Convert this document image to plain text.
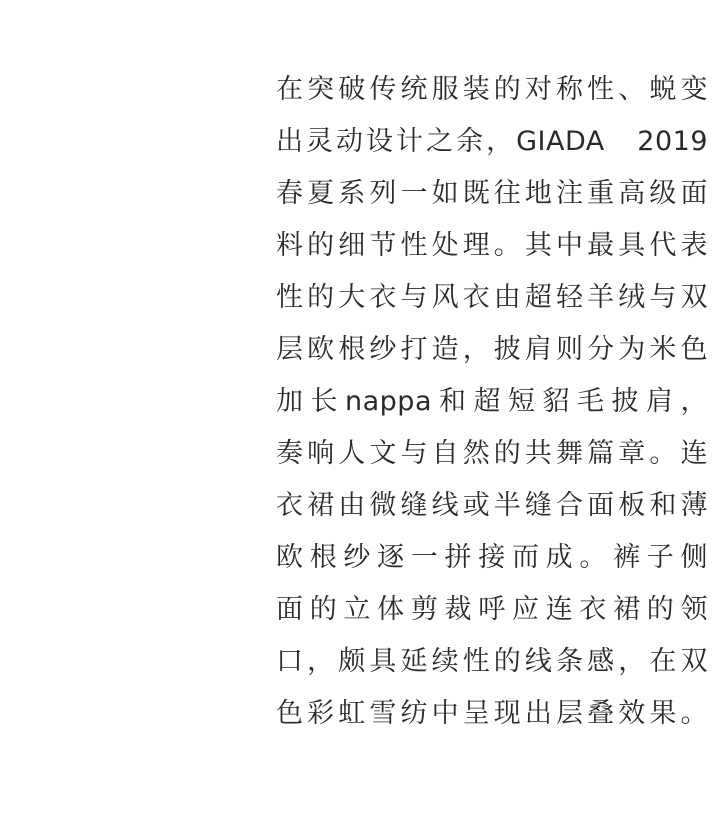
在突破传统服装的对称性、蜕变
出灵动设计之余，GIADA　2019
春夏系列一如既往地注重高级面
料的细节性处理。其中最具代表
性的大衣与风衣由超轻羊绒与双
层欧根纱打造，披肩则分为米色
加长nappa和超短貂毛披肩，
奏响人文与自然的共舞篇章。连
衣裙由微缝线或半缝合面板和薄
欧根纱逐一拼接而成。裤子侧
面的立体剪裁呼应连衣裙的领
口，颇具延续性的线条感，在双
色彩虹雪纺中呈现出层叠效果。
